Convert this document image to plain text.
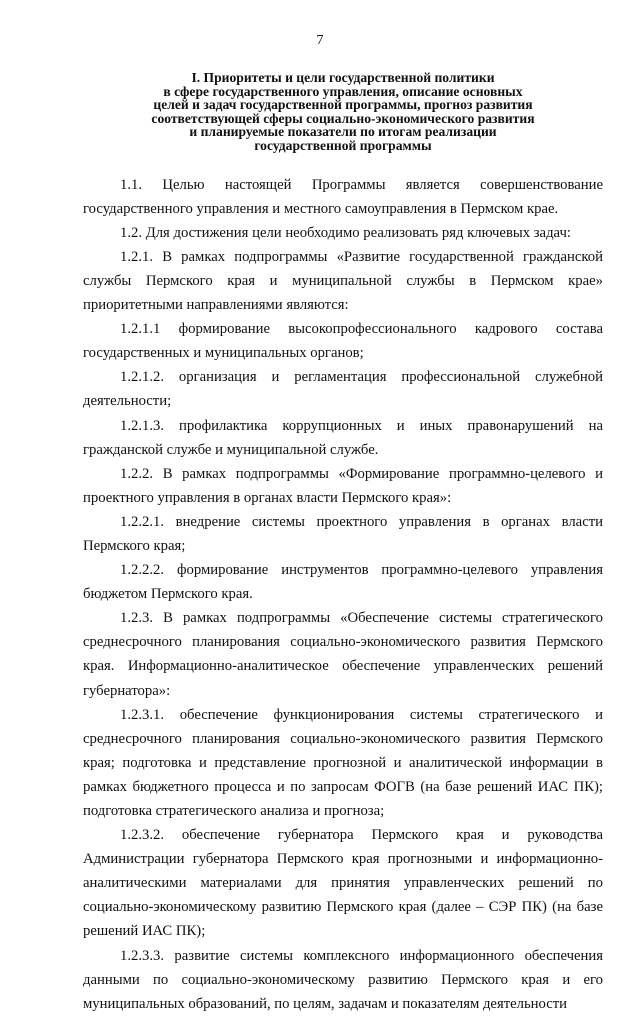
7
I. Приоритеты и цели государственной политики
в сфере государственного управления, описание основных
целей и задач государственной программы, прогноз развития
соответствующей сферы социально-экономического развития
и планируемые показатели по итогам реализации
государственной программы

1.1. Целью настоящей Программы является совершенствование государственного управления и местного самоуправления в Пермском крае.

1.2. Для достижения цели необходимо реализовать ряд ключевых задач:

1.2.1. В рамках подпрограммы «Развитие государственной гражданской службы Пермского края и муниципальной службы в Пермском крае» приоритетными направлениями являются:

1.2.1.1 формирование высокопрофессионального кадрового состава государственных и муниципальных органов;

1.2.1.2. организация и регламентация профессиональной служебной деятельности;

1.2.1.3. профилактика коррупционных и иных правонарушений на гражданской службе и муниципальной службе.

1.2.2. В рамках подпрограммы «Формирование программно-целевого и проектного управления в органах власти Пермского края»:

1.2.2.1. внедрение системы проектного управления в органах власти Пермского края;

1.2.2.2. формирование инструментов программно-целевого управления бюджетом Пермского края.

1.2.3. В рамках подпрограммы «Обеспечение системы стратегического среднесрочного планирования социально-экономического развития Пермского края. Информационно-аналитическое обеспечение управленческих решений губернатора»:

1.2.3.1. обеспечение функционирования системы стратегического и среднесрочного планирования социально-экономического развития Пермского края; подготовка и представление прогнозной и аналитической информации в рамках бюджетного процесса и по запросам ФОГВ (на базе решений ИАС ПК); подготовка стратегического анализа и прогноза;

1.2.3.2. обеспечение губернатора Пермского края и руководства Администрации губернатора Пермского края прогнозными и информационно-аналитическими материалами для принятия управленческих решений по социально-экономическому развитию Пермского края (далее – СЭР ПК) (на базе решений ИАС ПК);

1.2.3.3. развитие системы комплексного информационного обеспечения данными по социально-экономическому развитию Пермского края и его муниципальных образований, по целям, задачам и показателям деятельности
